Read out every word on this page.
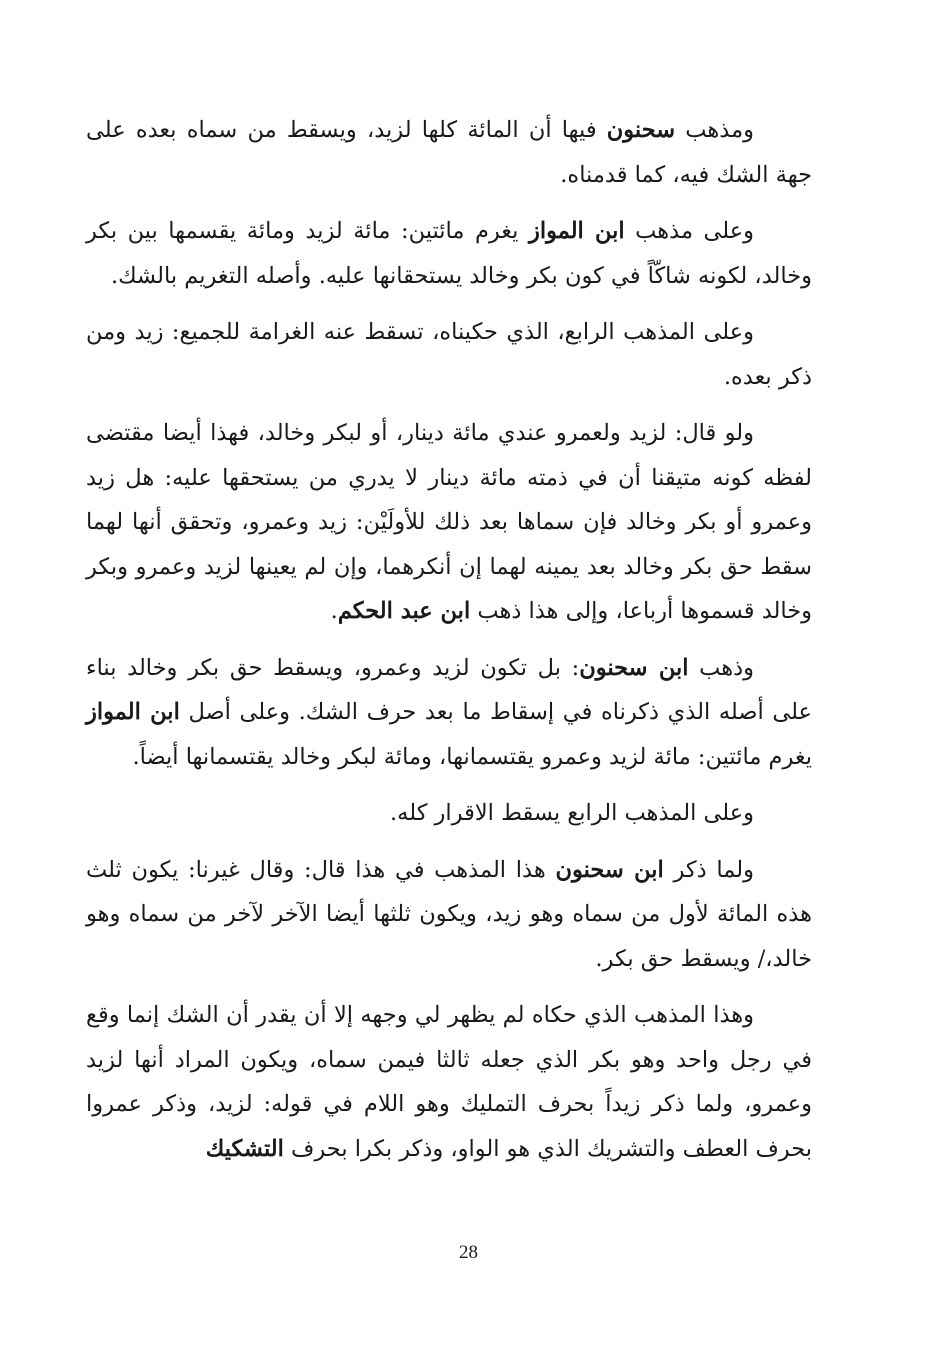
ومذهب سحنون فيها أن المائة كلها لزيد، ويسقط من سماه بعده على جهة الشك فيه، كما قدمناه.

وعلى مذهب ابن المواز يغرم مائتين: مائة لزيد ومائة يقسمها بين بكر وخالد، لكونه شاكّاً في كون بكر وخالد يستحقانها عليه. وأصله التغريم بالشك.

وعلى المذهب الرابع، الذي حكيناه، تسقط عنه الغرامة للجميع: زيد ومن ذكر بعده.

ولو قال: لزيد ولعمرو عندي مائة دينار، أو لبكر وخالد، فهذا أيضا مقتضى لفظه كونه متيقنا أن في ذمته مائة دينار لا يدري من يستحقها عليه: هل زيد وعمرو أو بكر وخالد فإن سماها بعد ذلك للأولَيْن: زيد وعمرو، وتحقق أنها لهما سقط حق بكر وخالد بعد يمينه لهما إن أنكرهما، وإن لم يعينها لزيد وعمرو وبكر وخالد قسموها أرباعا، وإلى هذا ذهب ابن عبد الحكم.

وذهب ابن سحنون: بل تكون لزيد وعمرو، ويسقط حق بكر وخالد بناء على أصله الذي ذكرناه في إسقاط ما بعد حرف الشك. وعلى أصل ابن المواز يغرم مائتين: مائة لزيد وعمرو يقتسمانها، ومائة لبكر وخالد يقتسمانها أيضاً.

وعلى المذهب الرابع يسقط الاقرار كله.

ولما ذكر ابن سحنون هذا المذهب في هذا قال: وقال غيرنا: يكون ثلث هذه المائة لأول من سماه وهو زيد، ويكون ثلثها أيضا الآخر لآخر من سماه وهو خالد،/ ويسقط حق بكر.

وهذا المذهب الذي حكاه لم يظهر لي وجهه إلا أن يقدر أن الشك إنما وقع في رجل واحد وهو بكر الذي جعله ثالثا فيمن سماه، ويكون المراد أنها لزيد وعمرو، ولما ذكر زيداً بحرف التمليك وهو اللام في قوله: لزيد، وذكر عمروا بحرف العطف والتشريك الذي هو الواو، وذكر بكرا بحرف التشكيك

28
